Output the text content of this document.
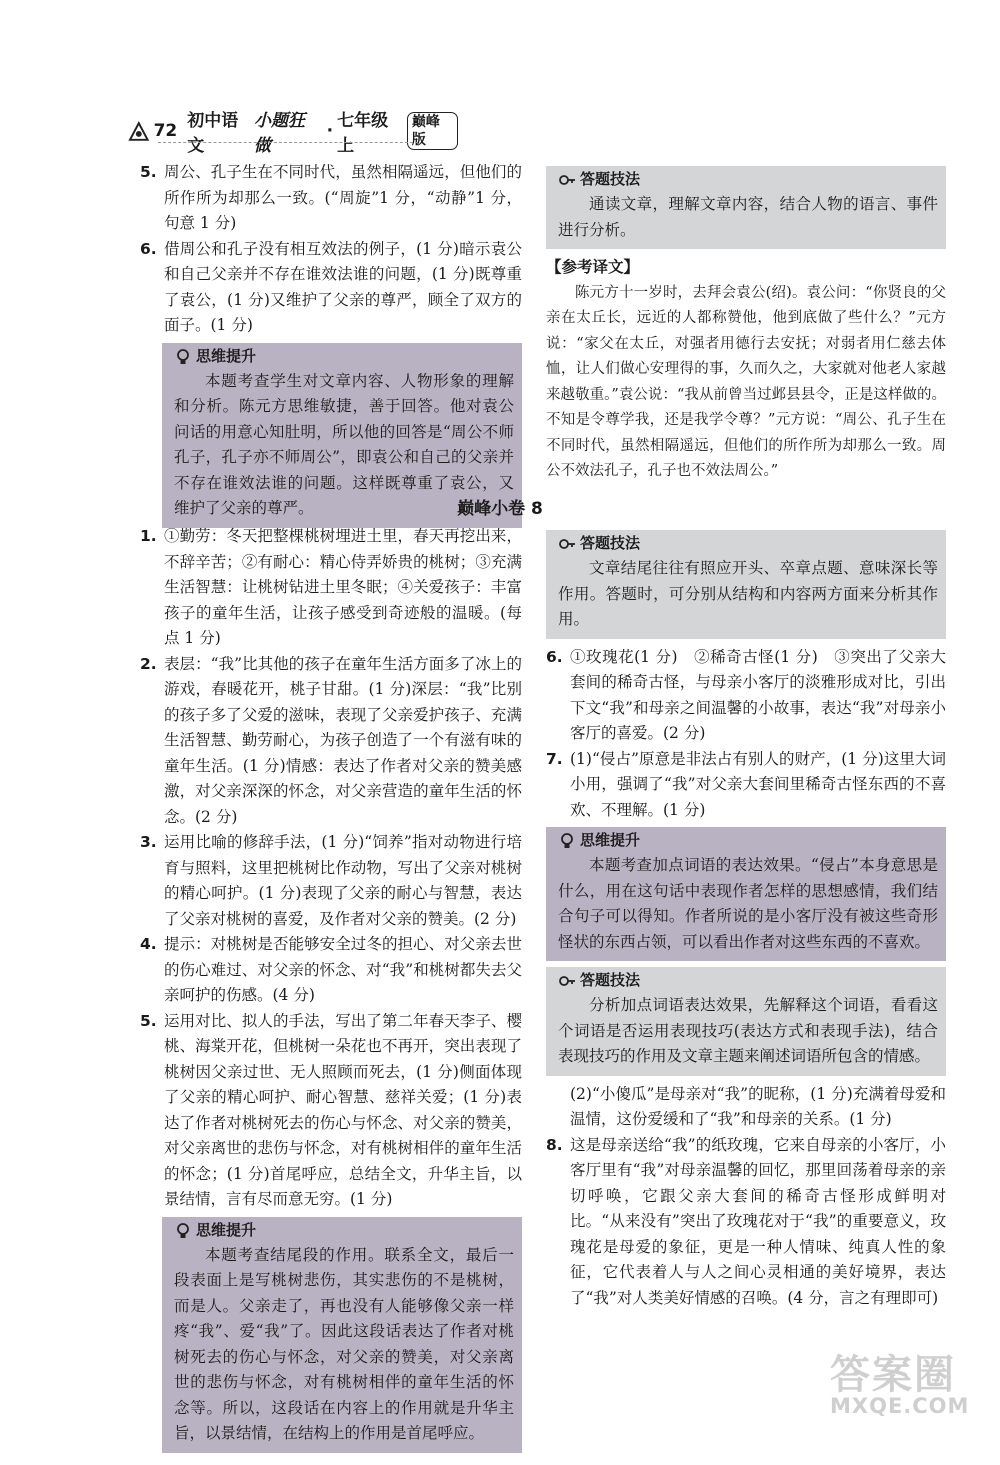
72 初中语文
小题狂做
· 七年级上
巅峰版
5. 周公、孔子生在不同时代，虽然相隔遥远，但他们的所作所为却那么一致。(“周旋”1 分，“动静”1 分，句意 1 分)
6. 借周公和孔子没有相互效法的例子，(1 分)暗示袁公和自己父亲并不存在谁效法谁的问题，(1 分)既尊重了袁公，(1 分)又维护了父亲的尊严，顾全了双方的面子。(1 分)
思维提升
本题考查学生对文章内容、人物形象的理解和分析。陈元方思维敏捷，善于回答。他对袁公问话的用意心知肚明，所以他的回答是“周公不师孔子，孔子亦不师周公”，即袁公和自己的父亲并不存在谁效法谁的问题。这样既尊重了袁公，又维护了父亲的尊严。
答题技法
通读文章，理解文章内容，结合人物的语言、事件进行分析。
【参考译文】
陈元方十一岁时，去拜会袁公(绍)。袁公问：“你贤良的父亲在太丘长，远近的人都称赞他，他到底做了些什么？”元方说：“家父在太丘，对强者用德行去安抚；对弱者用仁慈去体恤，让人们做心安理得的事，久而久之，大家就对他老人家越来越敬重。”袁公说：“我从前曾当过邺县县令，正是这样做的。不知是令尊学我，还是我学令尊？”元方说：“周公、孔子生在不同时代，虽然相隔遥远，但他们的所作所为却那么一致。周公不效法孔子，孔子也不效法周公。”
巅峰小卷 8
1. ①勤劳：冬天把整棵桃树埋进土里，春天再挖出来，不辞辛苦；②有耐心：精心侍弄娇贵的桃树；③充满生活智慧：让桃树钻进土里冬眠；④关爱孩子：丰富孩子的童年生活，让孩子感受到奇迹般的温暖。(每点 1 分)
2. 表层：“我”比其他的孩子在童年生活方面多了冰上的游戏，春暖花开，桃子甘甜。(1 分)深层：“我”比别的孩子多了父爱的滋味，表现了父亲爱护孩子、充满生活智慧、勤劳耐心，为孩子创造了一个有滋有味的童年生活。(1 分)情感：表达了作者对父亲的赞美感激，对父亲深深的怀念，对父亲营造的童年生活的怀念。(2 分)
3. 运用比喻的修辞手法，(1 分)“饲养”指对动物进行培育与照料，这里把桃树比作动物，写出了父亲对桃树的精心呵护。(1 分)表现了父亲的耐心与智慧，表达了父亲对桃树的喜爱，及作者对父亲的赞美。(2 分)
4. 提示：对桃树是否能够安全过冬的担心、对父亲去世的伤心难过、对父亲的怀念、对“我”和桃树都失去父亲呵护的伤感。(4 分)
5. 运用对比、拟人的手法，写出了第二年春天李子、樱桃、海棠开花，但桃树一朵花也不再开，突出表现了桃树因父亲过世、无人照顾而死去，(1 分)侧面体现了父亲的精心呵护、耐心智慧、慈祥关爱；(1 分)表达了作者对桃树死去的伤心与怀念、对父亲的赞美，对父亲离世的悲伤与怀念，对有桃树相伴的童年生活的怀念；(1 分)首尾呼应，总结全文，升华主旨，以景结情，言有尽而意无穷。(1 分)
思维提升
本题考查结尾段的作用。联系全文，最后一段表面上是写桃树悲伤，其实悲伤的不是桃树，而是人。父亲走了，再也没有人能够像父亲一样疼“我”、爱“我”了。因此这段话表达了作者对桃树死去的伤心与怀念，对父亲的赞美，对父亲离世的悲伤与怀念，对有桃树相伴的童年生活的怀念等。所以，这段话在内容上的作用就是升华主旨，以景结情，在结构上的作用是首尾呼应。
答题技法
文章结尾往往有照应开头、卒章点题、意味深长等作用。答题时，可分别从结构和内容两方面来分析其作用。
6. ①玫瑰花(1 分)　②稀奇古怪(1 分)　③突出了父亲大套间的稀奇古怪，与母亲小客厅的淡雅形成对比，引出下文“我”和母亲之间温馨的小故事，表达“我”对母亲小客厅的喜爱。(2 分)
7. (1)“侵占”原意是非法占有别人的财产，(1 分)这里大词小用，强调了“我”对父亲大套间里稀奇古怪东西的不喜欢、不理解。(1 分)
思维提升
本题考查加点词语的表达效果。“侵占”本身意思是什么，用在这句话中表现作者怎样的思想感情，我们结合句子可以得知。作者所说的是小客厅没有被这些奇形怪状的东西占领，可以看出作者对这些东西的不喜欢。
答题技法
分析加点词语表达效果，先解释这个词语，看看这个词语是否运用表现技巧(表达方式和表现手法)，结合表现技巧的作用及文章主题来阐述词语所包含的情感。
(2)“小傻瓜”是母亲对“我”的昵称，(1 分)充满着母爱和温情，这份爱缓和了“我”和母亲的关系。(1 分)
8. 这是母亲送给“我”的纸玫瑰，它来自母亲的小客厅，小客厅里有“我”对母亲温馨的回忆，那里回荡着母亲的亲切呼唤，它跟父亲大套间的稀奇古怪形成鲜明对比。“从来没有”突出了玫瑰花对于“我”的重要意义，玫瑰花是母爱的象征，更是一种人情味、纯真人性的象征，它代表着人与人之间心灵相通的美好境界，表达了“我”对人类美好情感的召唤。(4 分，言之有理即可)
答案圈
MXQE.COM
